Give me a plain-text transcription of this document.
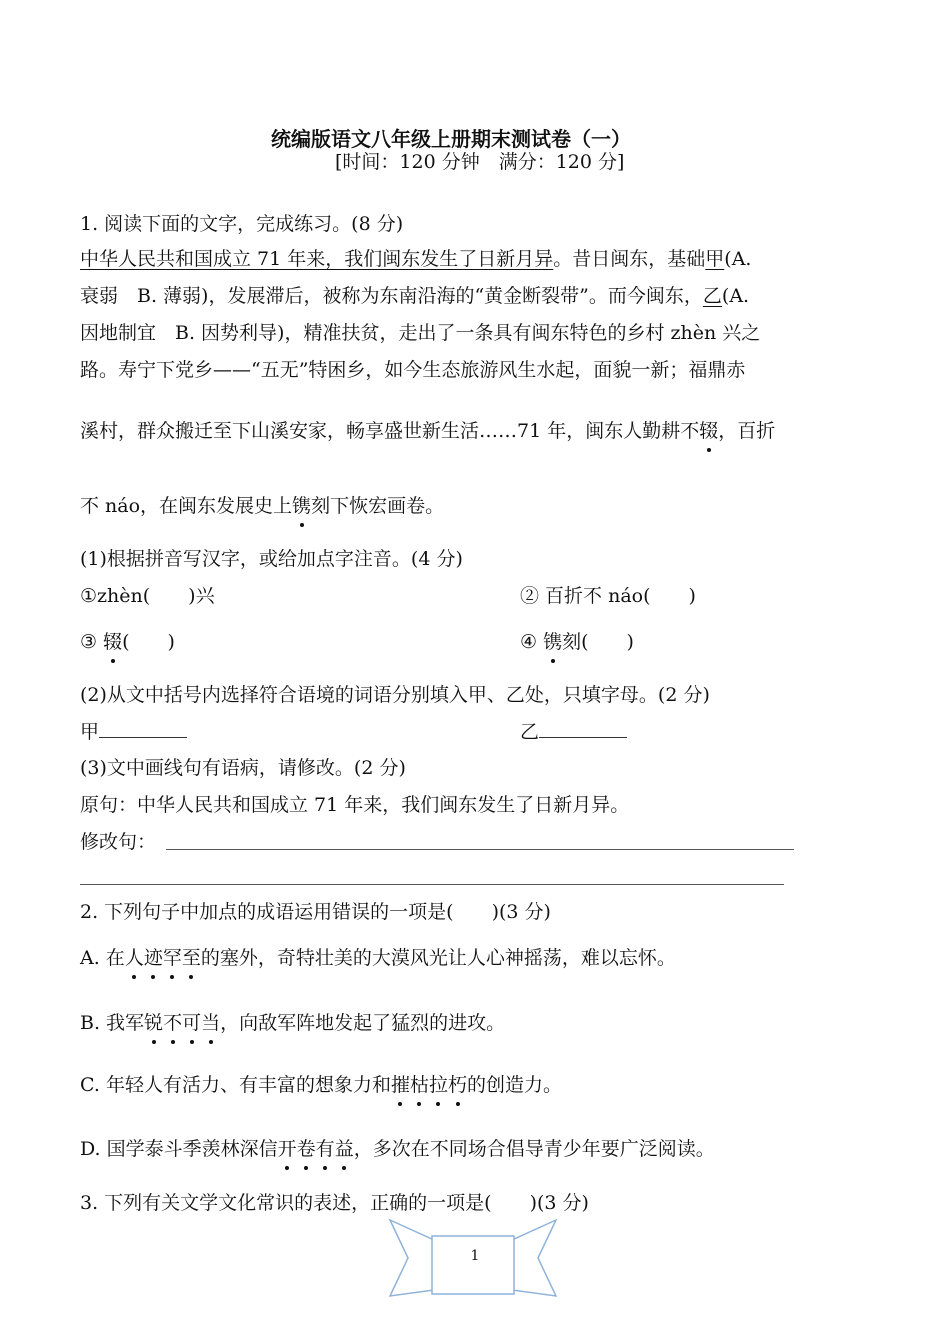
统编版语文八年级上册期末测试卷（一）
[时间：120 分钟　满分：120 分]
1. 阅读下面的文字，完成练习。(8 分)
中华人民共和国成立 71 年来，我们闽东发生了日新月异。昔日闽东，基础甲(A.
衰弱　B. 薄弱)，发展滞后，被称为东南沿海的“黄金断裂带”。而今闽东，乙(A.
因地制宜　B. 因势利导)，精准扶贫，走出了一条具有闽东特色的乡村 zhèn 兴之
路。寿宁下党乡——“五无”特困乡，如今生态旅游风生水起，面貌一新；福鼎赤
溪村，群众搬迁至下山溪安家，畅享盛世新生活……71 年，闽东人勤耕不辍，百折
不 náo，在闽东发展史上镌刻下恢宏画卷。
(1)根据拼音写汉字，或给加点字注音。(4 分)
①zhèn(　　)兴	② 百折不 náo(　　)
③ 辍(　　)	④ 镌刻(　　)
(2)从文中括号内选择符合语境的词语分别填入甲、乙处，只填字母。(2 分)
甲	乙
(3)文中画线句有语病，请修改。(2 分)
原句：中华人民共和国成立 71 年来，我们闽东发生了日新月异。
修改句：
2. 下列句子中加点的成语运用错误的一项是(　　)(3 分)
A. 在人迹罕至的塞外，奇特壮美的大漠风光让人心神摇荡，难以忘怀。
B. 我军锐不可当，向敌军阵地发起了猛烈的进攻。
C. 年轻人有活力、有丰富的想象力和摧枯拉朽的创造力。
D. 国学泰斗季羡林深信开卷有益，多次在不同场合倡导青少年要广泛阅读。
3. 下列有关文学文化常识的表述，正确的一项是(　　)(3 分)
1
